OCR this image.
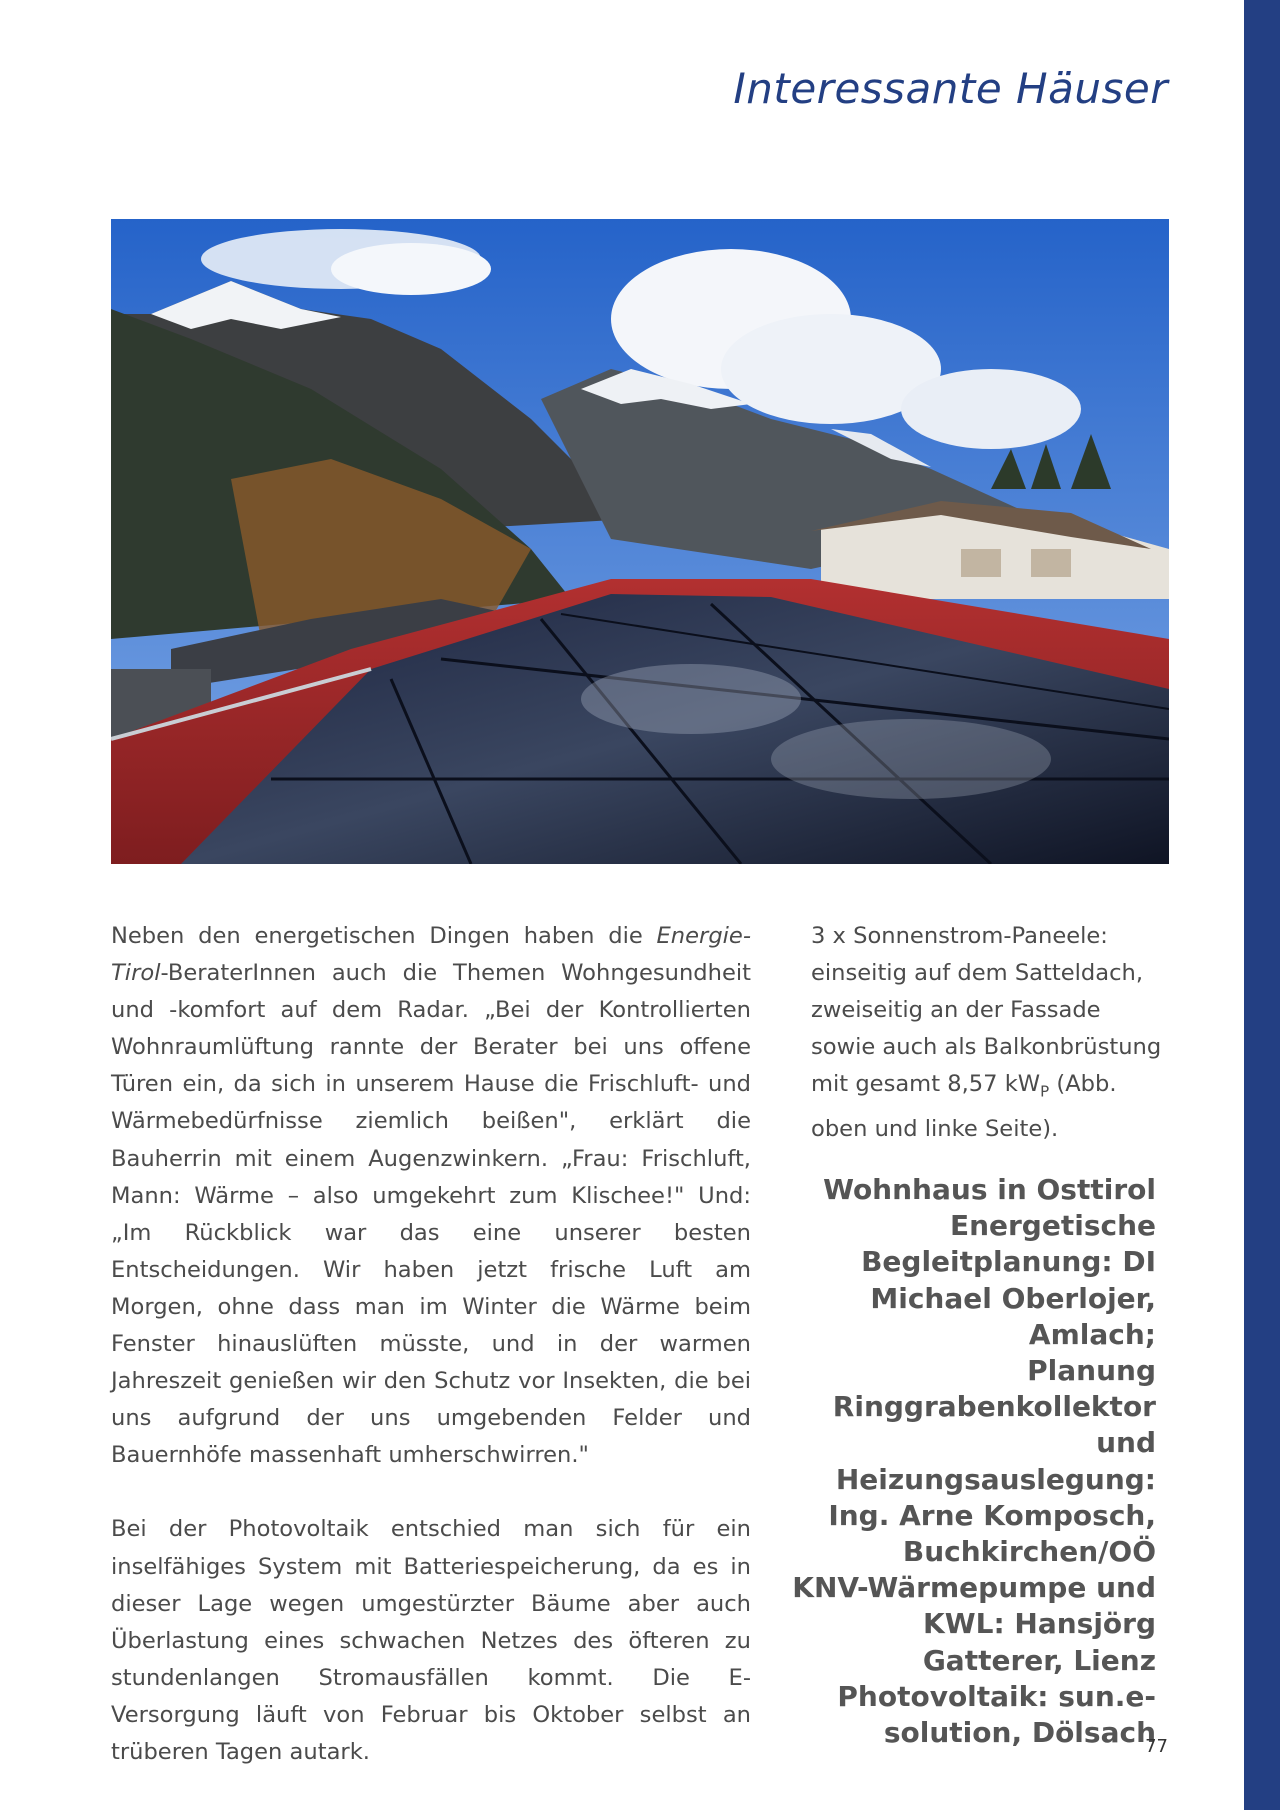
Interessante Häuser

Neben den energetischen Dingen haben die Energie-Tirol-BeraterInnen auch die Themen Wohngesundheit und -komfort auf dem Radar. „Bei der Kontrollierten Wohnraumlüftung rannte der Berater bei uns offene Türen ein, da sich in unserem Hause die Frischluft- und Wärmebedürfnisse ziemlich beißen", erklärt die Bauherrin mit einem Augenzwinkern. „Frau: Frischluft, Mann: Wärme – also umgekehrt zum Klischee!" Und: „Im Rückblick war das eine unserer besten Entscheidungen. Wir haben jetzt frische Luft am Morgen, ohne dass man im Winter die Wärme beim Fenster hinauslüften müsste, und in der warmen Jahreszeit genießen wir den Schutz vor Insekten, die bei uns aufgrund der uns umgebenden Felder und Bauernhöfe massenhaft umherschwirren."

Bei der Photovoltaik entschied man sich für ein inselfähiges System mit Batteriespeicherung, da es in dieser Lage wegen umgestürzter Bäume aber auch Überlastung eines schwachen Netzes des öfteren zu stundenlangen Stromausfällen kommt. Die E-Versorgung läuft von Februar bis Oktober selbst an trüberen Tagen autark.

3 x Sonnenstrom-Paneele: einseitig auf dem Satteldach, zweiseitig an der Fassade sowie auch als Balkonbrüstung mit gesamt 8,57 $kW_P$ (Abb. oben und linke Seite).

Wohnhaus in Osttirol
Energetische Begleitplanung: DI Michael Oberlojer, Amlach;
Planung Ringgrabenkollektor und Heizungsauslegung: Ing. Arne Komposch, Buchkirchen/OÖ
KNV-Wärmepumpe und KWL: Hansjörg Gatterer, Lienz
Photovoltaik: sun.e-solution, Dölsach
77
